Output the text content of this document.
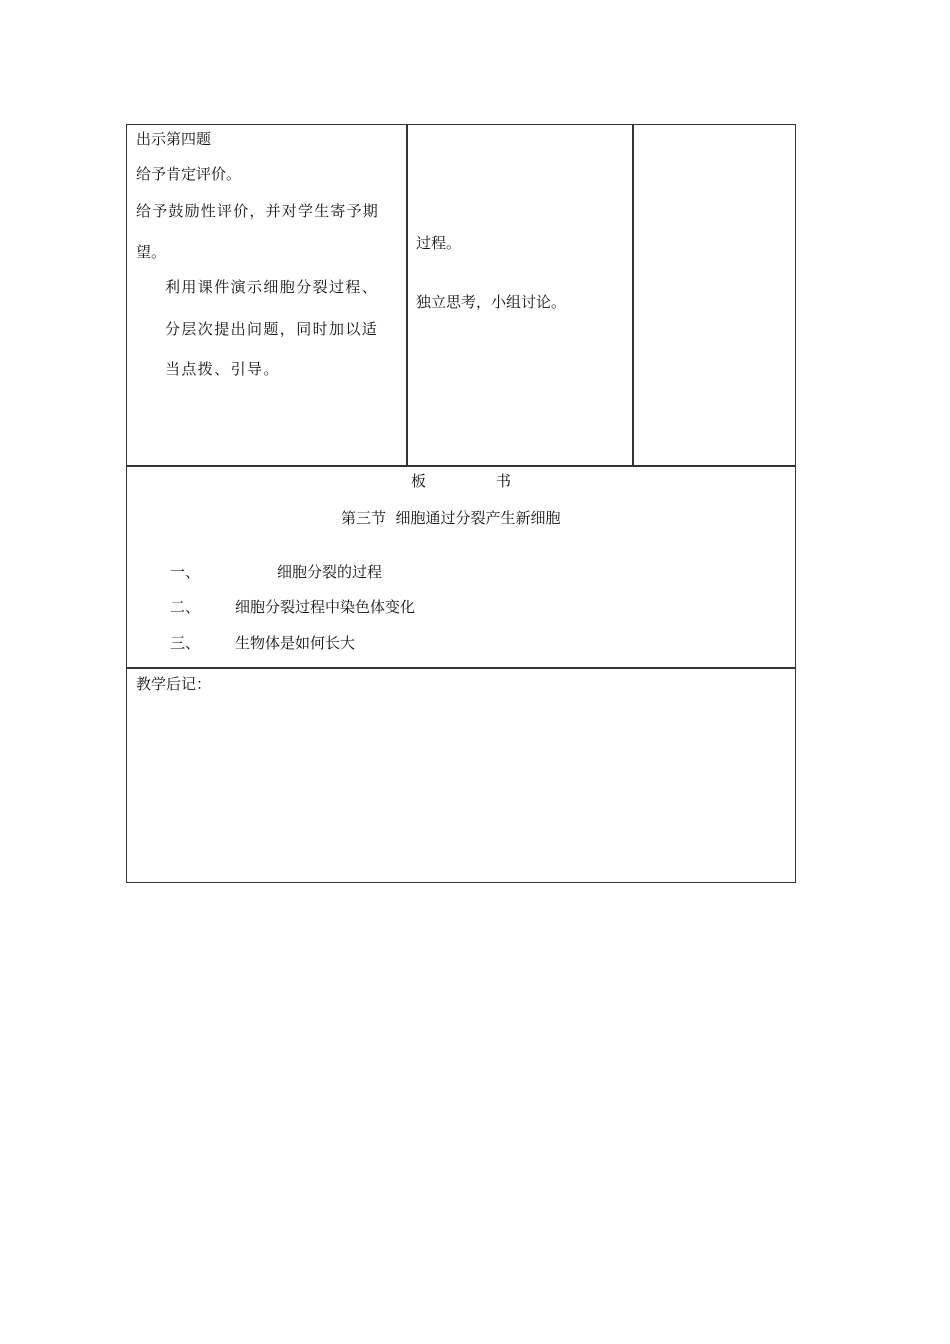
出示第四题
给予肯定评价。
给予鼓励性评价，并对学生寄予期
望。
利用课件演示细胞分裂过程、
分层次提出问题，同时加以适
当点拨、引导。
过程。
独立思考，小组讨论。
板	书
第三节  细胞通过分裂产生新细胞
一、	细胞分裂的过程
二、 细胞分裂过程中染色体变化
三、 生物体是如何长大
教学后记：
